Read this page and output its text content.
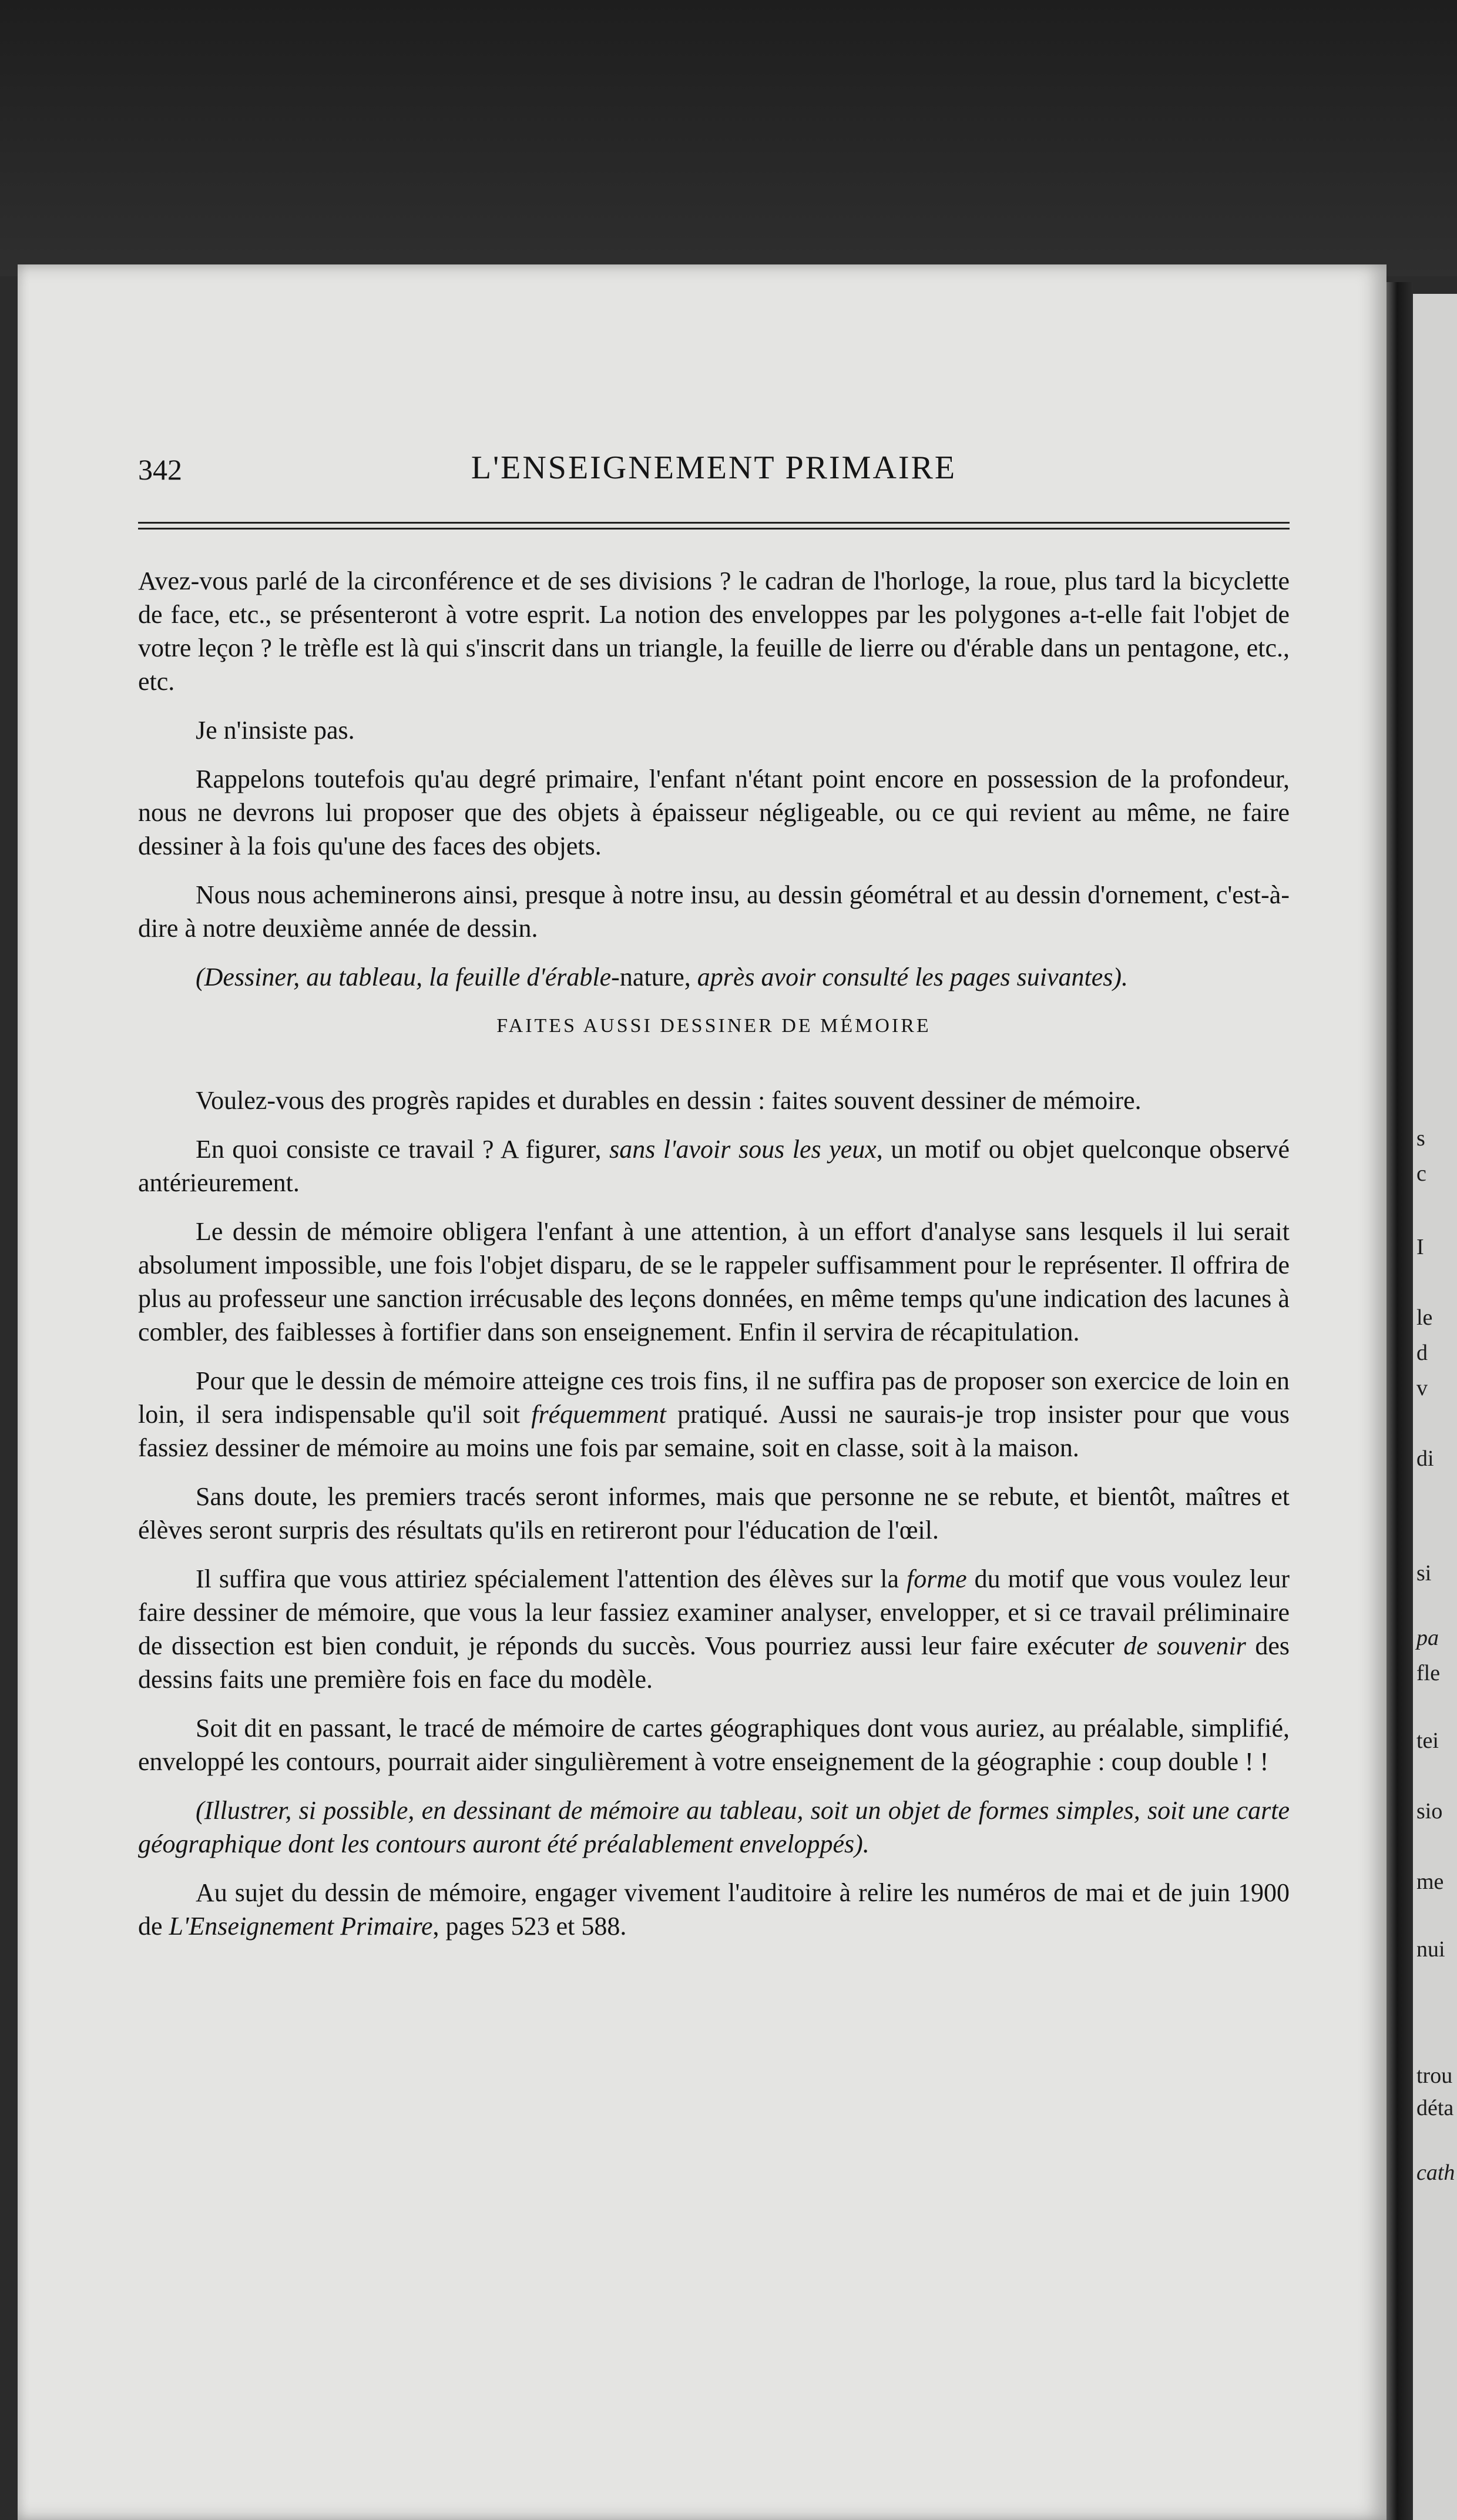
s
c
I
le
d
v
di
si
pa
fle
tei
sio
me
nui
trou
déta
cath
342	L'ENSEIGNEMENT PRIMAIRE

Avez-vous parlé de la circonférence et de ses divisions ? le cadran de l'horloge, la roue, plus tard la bicyclette de face, etc., se présenteront à votre esprit. La notion des enveloppes par les polygones a-t-elle fait l'objet de votre leçon ? le trèfle est là qui s'inscrit dans un triangle, la feuille de lierre ou d'érable dans un pentagone, etc., etc.

Je n'insiste pas.

Rappelons toutefois qu'au degré primaire, l'enfant n'étant point encore en possession de la profondeur, nous ne devrons lui proposer que des objets à épaisseur négligeable, ou ce qui revient au même, ne faire dessiner à la fois qu'une des faces des objets.

Nous nous acheminerons ainsi, presque à notre insu, au dessin géométral et au dessin d'ornement, c'est-à-dire à notre deuxième année de dessin.

(Dessiner, au tableau, la feuille d'érable-nature, après avoir consulté les pages suivantes).

FAITES AUSSI DESSINER DE MÉMOIRE

Voulez-vous des progrès rapides et durables en dessin : faites souvent dessiner de mémoire.

En quoi consiste ce travail ? A figurer, sans l'avoir sous les yeux, un motif ou objet quelconque observé antérieurement.

Le dessin de mémoire obligera l'enfant à une attention, à un effort d'analyse sans lesquels il lui serait absolument impossible, une fois l'objet disparu, de se le rappeler suffisamment pour le représenter. Il offrira de plus au professeur une sanction irrécusable des leçons données, en même temps qu'une indication des lacunes à combler, des faiblesses à fortifier dans son enseignement. Enfin il servira de récapitulation.

Pour que le dessin de mémoire atteigne ces trois fins, il ne suffira pas de proposer son exercice de loin en loin, il sera indispensable qu'il soit fréquemment pratiqué. Aussi ne saurais-je trop insister pour que vous fassiez dessiner de mémoire au moins une fois par semaine, soit en classe, soit à la maison.

Sans doute, les premiers tracés seront informes, mais que personne ne se rebute, et bientôt, maîtres et élèves seront surpris des résultats qu'ils en retireront pour l'éducation de l'œil.

Il suffira que vous attiriez spécialement l'attention des élèves sur la forme du motif que vous voulez leur faire dessiner de mémoire, que vous la leur fassiez examiner analyser, envelopper, et si ce travail préliminaire de dissection est bien conduit, je réponds du succès. Vous pourriez aussi leur faire exécuter de souvenir des dessins faits une première fois en face du modèle.

Soit dit en passant, le tracé de mémoire de cartes géographiques dont vous auriez, au préalable, simplifié, enveloppé les contours, pourrait aider singulièrement à votre enseignement de la géographie : coup double ! !

(Illustrer, si possible, en dessinant de mémoire au tableau, soit un objet de formes simples, soit une carte géographique dont les contours auront été préalablement enveloppés).

Au sujet du dessin de mémoire, engager vivement l'auditoire à relire les numéros de mai et de juin 1900 de L'Enseignement Primaire, pages 523 et 588.
